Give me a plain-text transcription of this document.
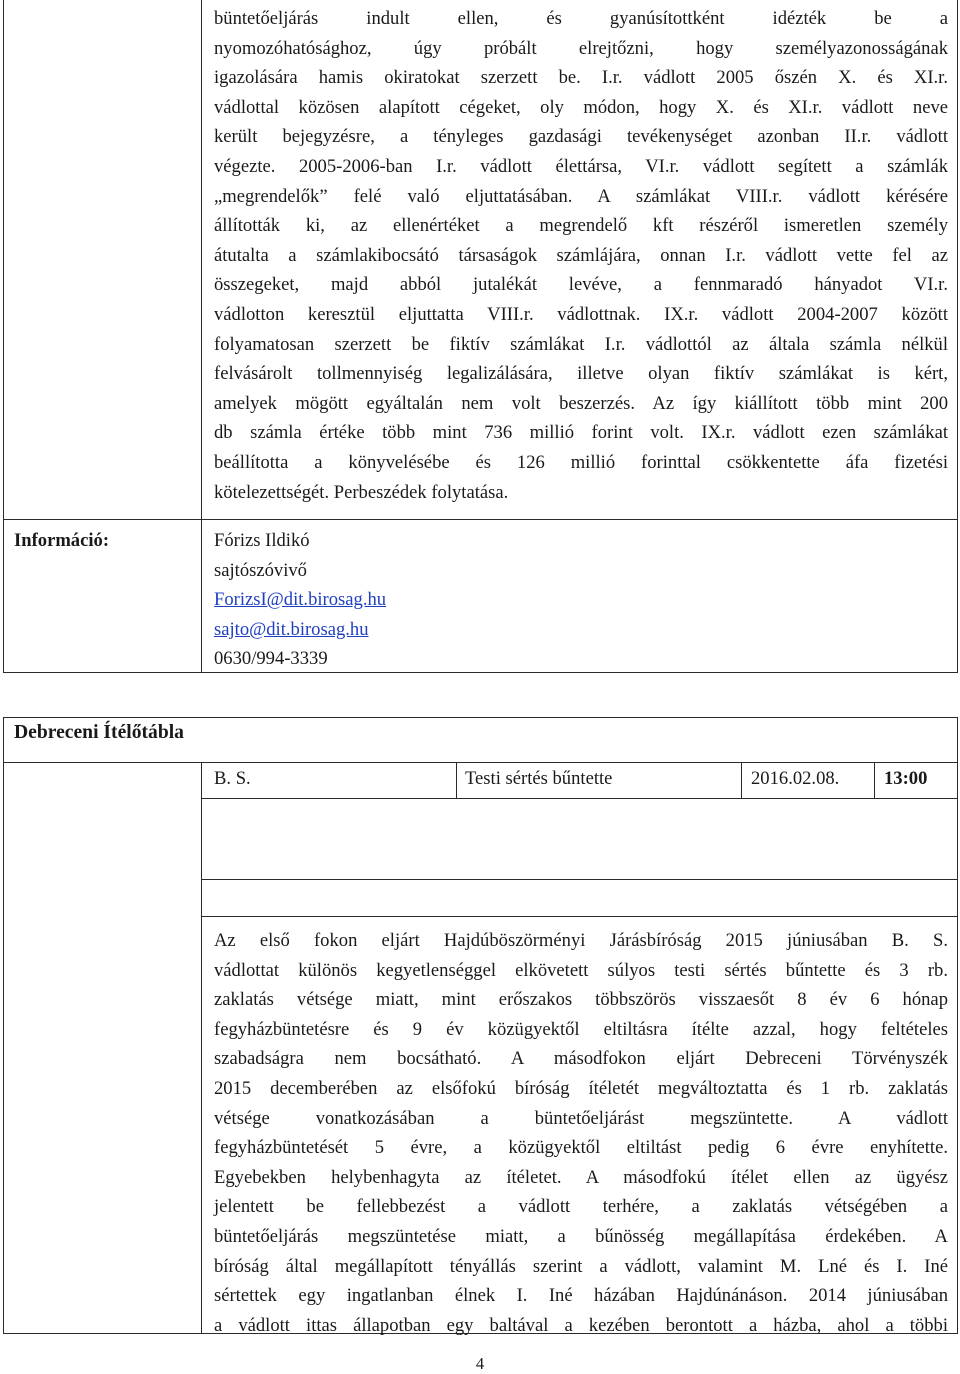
büntetőeljárás indult ellen, és gyanúsítottként idézték be a
nyomozóhatósághoz, úgy próbált elrejtőzni, hogy személyazonosságának
igazolására hamis okiratokat szerzett be. I.r. vádlott 2005 őszén X. és XI.r.
vádlottal közösen alapított cégeket, oly módon, hogy X. és XI.r. vádlott neve
került bejegyzésre, a tényleges gazdasági tevékenységet azonban II.r. vádlott
végezte. 2005-2006-ban I.r. vádlott élettársa, VI.r. vádlott segített a számlák
„megrendelők” felé való eljuttatásában. A számlákat VIII.r. vádlott kérésére
állították ki, az ellenértéket a megrendelő kft részéről ismeretlen személy
átutalta a számlakibocsátó társaságok számlájára, onnan I.r. vádlott vette fel az
összegeket, majd abból jutalékát levéve, a fennmaradó hányadot VI.r.
vádlotton keresztül eljuttatta VIII.r. vádlottnak. IX.r. vádlott 2004-2007 között
folyamatosan szerzett be fiktív számlákat I.r. vádlottól az általa számla nélkül
felvásárolt tollmennyiség legalizálására, illetve olyan fiktív számlákat is kért,
amelyek mögött egyáltalán nem volt beszerzés. Az így kiállított több mint 200
db számla értéke több mint 736 millió forint volt. IX.r. vádlott ezen számlákat
beállította a könyvelésébe és 126 millió forinttal csökkentette áfa fizetési
kötelezettségét. Perbeszédek folytatása.
Információ:	Fórizs Ildikó
sajtószóvivő
ForizsI@dit.birosag.hu
sajto@dit.birosag.hu
0630/994-3339
Debreceni Ítélőtábla
B. S.	Testi sértés bűntette	2016.02.08. 13:00
Az első fokon eljárt Hajdúböszörményi Járásbíróság 2015 júniusában B. S.
vádlottat különös kegyetlenséggel elkövetett súlyos testi sértés bűntette és 3 rb.
zaklatás vétsége miatt, mint erőszakos többszörös visszaesőt 8 év 6 hónap
fegyházbüntetésre és 9 év közügyektől eltiltásra ítélte azzal, hogy feltételes
szabadságra nem bocsátható. A másodfokon eljárt Debreceni Törvényszék
2015 decemberében az elsőfokú bíróság ítéletét megváltoztatta és 1 rb. zaklatás
vétsége vonatkozásában a büntetőeljárást megszüntette. A vádlott
fegyházbüntetését 5 évre, a közügyektől eltiltást pedig 6 évre enyhítette.
Egyebekben helybenhagyta az ítéletet. A másodfokú ítélet ellen az ügyész
jelentett be fellebbezést a vádlott terhére, a zaklatás vétségében a
büntetőeljárás megszüntetése miatt, a bűnösség megállapítása érdekében. A
bíróság által megállapított tényállás szerint a vádlott, valamint M. Lné és I. Iné
sértettek egy ingatlanban élnek I. Iné házában Hajdúnánáson. 2014 júniusában
a vádlott ittas állapotban egy baltával a kezében berontott a házba, ahol a többi
4
